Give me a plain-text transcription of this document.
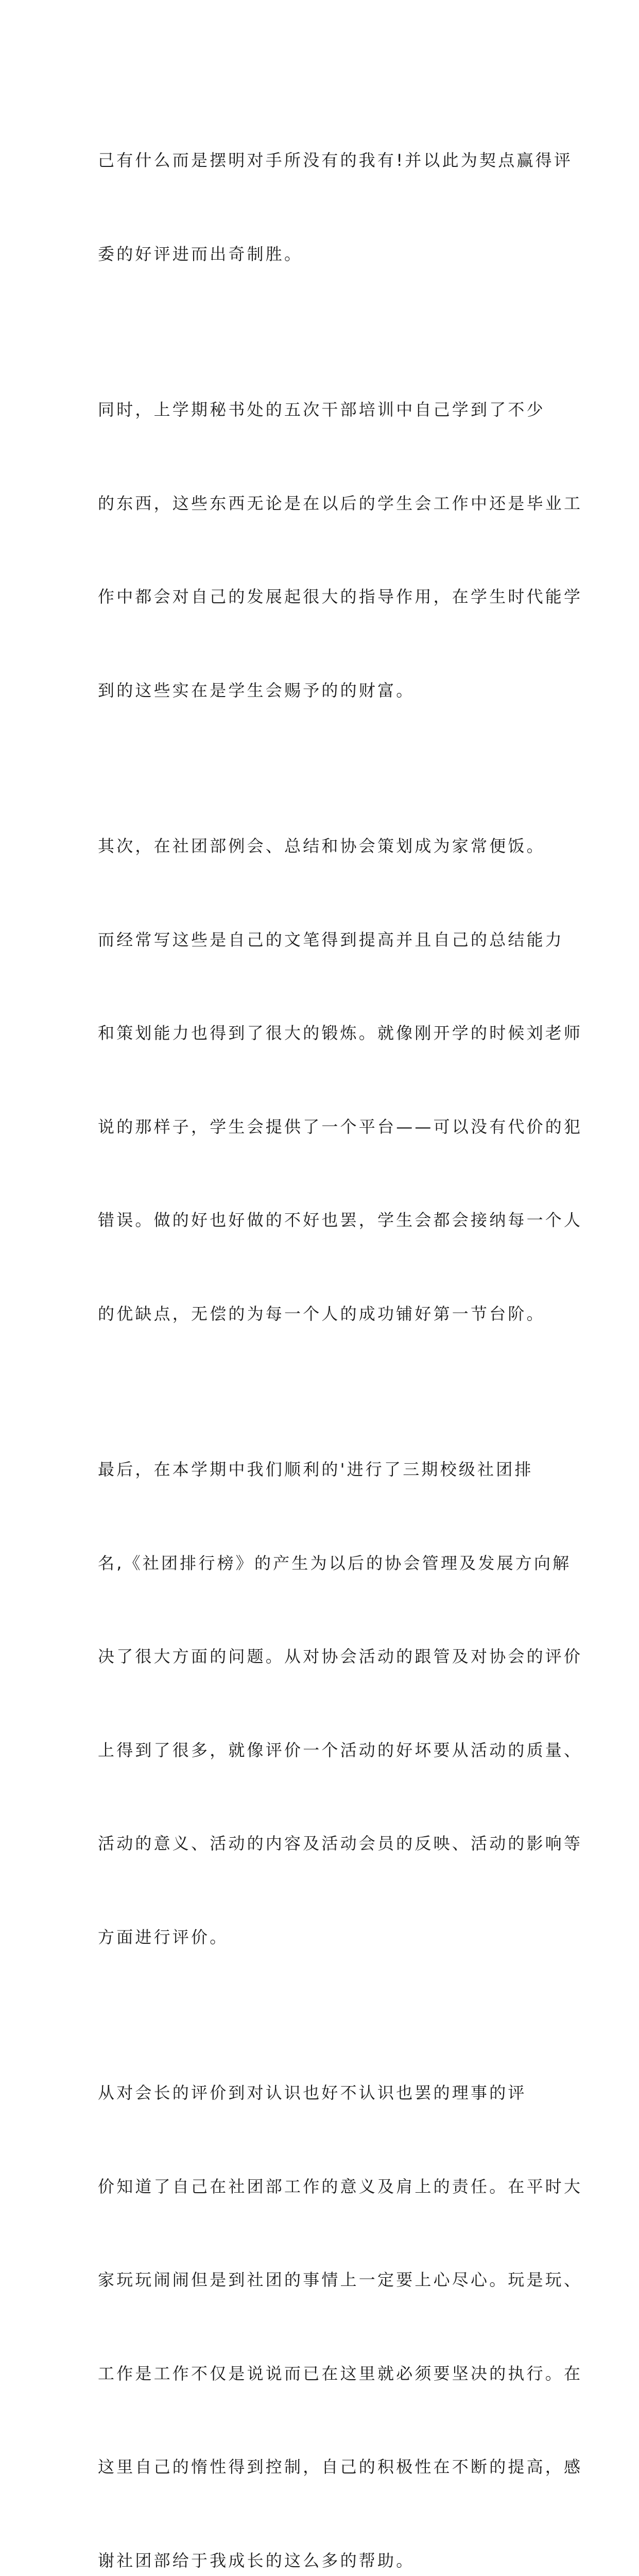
己有什么而是摆明对手所没有的我有!并以此为契点赢得评

委的好评进而出奇制胜。

同时，上学期秘书处的五次干部培训中自己学到了不少

的东西，这些东西无论是在以后的学生会工作中还是毕业工

作中都会对自己的发展起很大的指导作用，在学生时代能学

到的这些实在是学生会赐予的的财富。

其次，在社团部例会、总结和协会策划成为家常便饭。

而经常写这些是自己的文笔得到提高并且自己的总结能力

和策划能力也得到了很大的锻炼。就像刚开学的时候刘老师

说的那样子，学生会提供了一个平台——可以没有代价的犯

错误。做的好也好做的不好也罢，学生会都会接纳每一个人

的优缺点，无偿的为每一个人的成功铺好第一节台阶。

最后，在本学期中我们顺利的'进行了三期校级社团排

名,《社团排行榜》的产生为以后的协会管理及发展方向解

决了很大方面的问题。从对协会活动的跟管及对协会的评价

上得到了很多，就像评价一个活动的好坏要从活动的质量、

活动的意义、活动的内容及活动会员的反映、活动的影响等

方面进行评价。

从对会长的评价到对认识也好不认识也罢的理事的评

价知道了自己在社团部工作的意义及肩上的责任。在平时大

家玩玩闹闹但是到社团的事情上一定要上心尽心。玩是玩、

工作是工作不仅是说说而已在这里就必须要坚决的执行。在

这里自己的惰性得到控制，自己的积极性在不断的提高，感

谢社团部给于我成长的这么多的帮助。
